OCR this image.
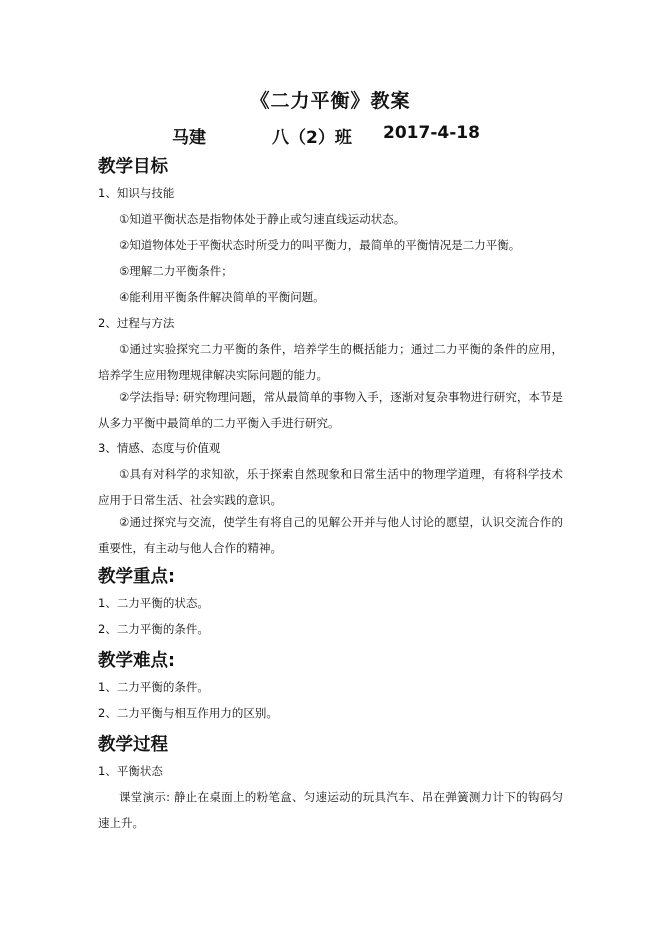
《二力平衡》教案
马建	八（2）班 2017-4-18
教学目标
1、知识与技能
①知道平衡状态是指物体处于静止或匀速直线运动状态。
②知道物体处于平衡状态时所受力的叫平衡力，最简单的平衡情况是二力平衡。
⑤理解二力平衡条件；
④能利用平衡条件解决简单的平衡问题。
2、过程与方法
①通过实验探究二力平衡的条件，培养学生的概括能力；通过二力平衡的条件的应用，培养学生应用物理规律解决实际问题的能力。
②学法指导: 研究物理问题，常从最简单的事物入手，逐渐对复杂事物进行研究，本节是从多力平衡中最简单的二力平衡入手进行研究。
3、情感、态度与价值观
①具有对科学的求知欲，乐于探索自然现象和日常生活中的物理学道理，有将科学技术应用于日常生活、社会实践的意识。
②通过探究与交流，使学生有将自己的见解公开并与他人讨论的愿望，认识交流合作的重要性，有主动与他人合作的精神。
教学重点:
1、二力平衡的状态。
2、二力平衡的条件。
教学难点:
1、二力平衡的条件。
2、二力平衡与相互作用力的区别。
教学过程
1、平衡状态
课堂演示: 静止在桌面上的粉笔盒、匀速运动的玩具汽车、吊在弹簧测力计下的钩码匀速上升。
